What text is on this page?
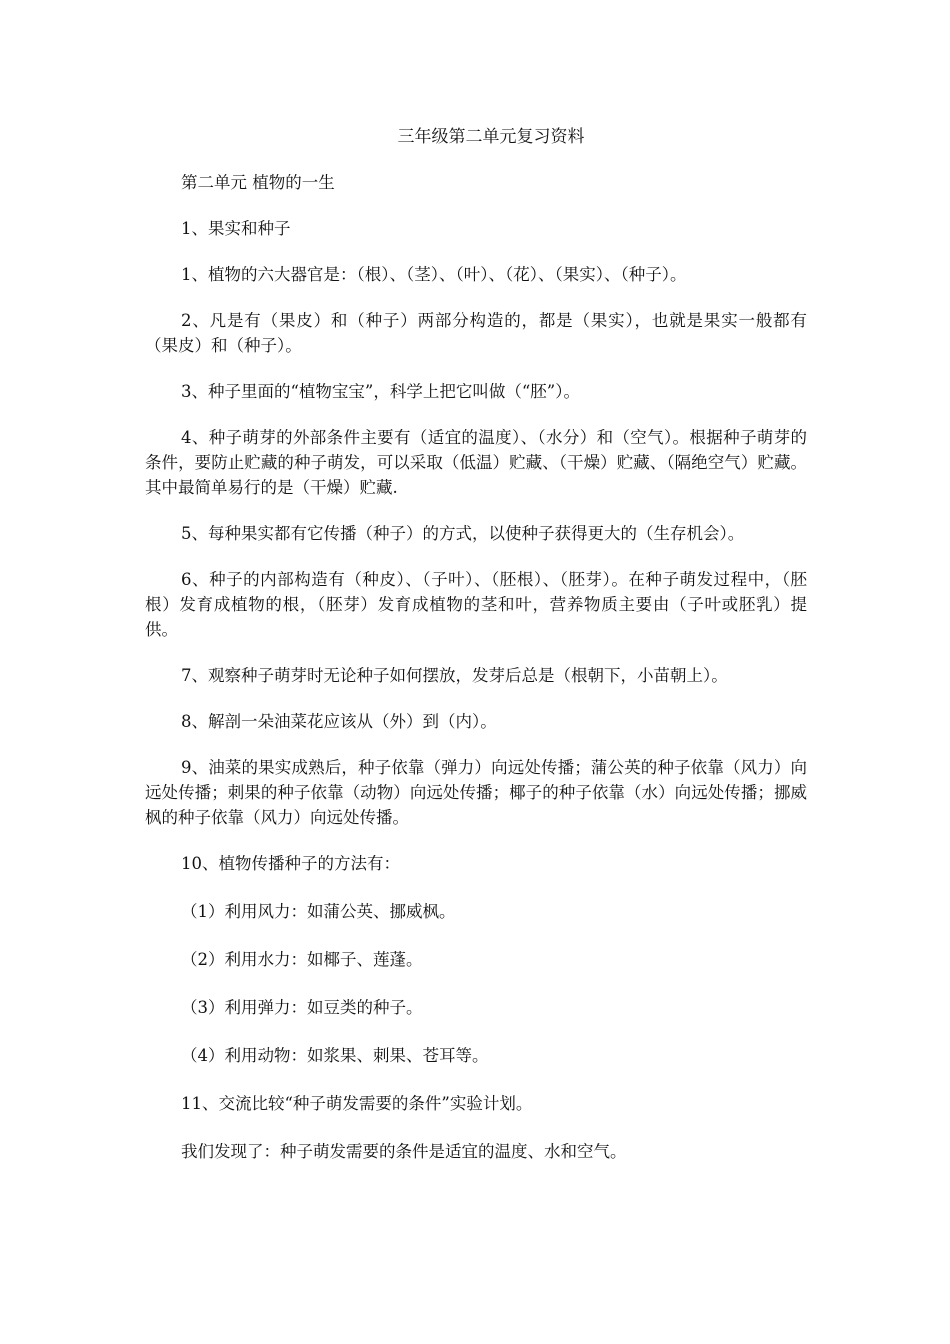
三年级第二单元复习资料

第二单元 植物的一生

1、果实和种子

1、植物的六大器官是：（根）、（茎）、（叶）、（花）、（果实）、（种子）。

2、凡是有（果皮）和（种子）两部分构造的，都是（果实），也就是果实一般都有（果皮）和（种子）。

3、种子里面的“植物宝宝”，科学上把它叫做（“胚”）。

4、种子萌芽的外部条件主要有（适宜的温度）、（水分）和（空气）。根据种子萌芽的条件，要防止贮藏的种子萌发，可以采取（低温）贮藏、（干燥）贮藏、（隔绝空气）贮藏。其中最简单易行的是（干燥）贮藏.

5、每种果实都有它传播（种子）的方式，以使种子获得更大的（生存机会）。

6、种子的内部构造有（种皮）、（子叶）、（胚根）、（胚芽）。在种子萌发过程中，（胚根）发育成植物的根，（胚芽）发育成植物的茎和叶，营养物质主要由（子叶或胚乳）提供。

7、观察种子萌芽时无论种子如何摆放，发芽后总是（根朝下，小苗朝上）。

8、解剖一朵油菜花应该从（外）到（内）。

9、油菜的果实成熟后，种子依靠（弹力）向远处传播；蒲公英的种子依靠（风力）向远处传播；刺果的种子依靠（动物）向远处传播；椰子的种子依靠（水）向远处传播；挪威枫的种子依靠（风力）向远处传播。

10、植物传播种子的方法有：

（1）利用风力：如蒲公英、挪威枫。

（2）利用水力：如椰子、莲蓬。

（3）利用弹力：如豆类的种子。

（4）利用动物：如浆果、刺果、苍耳等。

11、交流比较“种子萌发需要的条件”实验计划。

我们发现了：种子萌发需要的条件是适宜的温度、水和空气。
